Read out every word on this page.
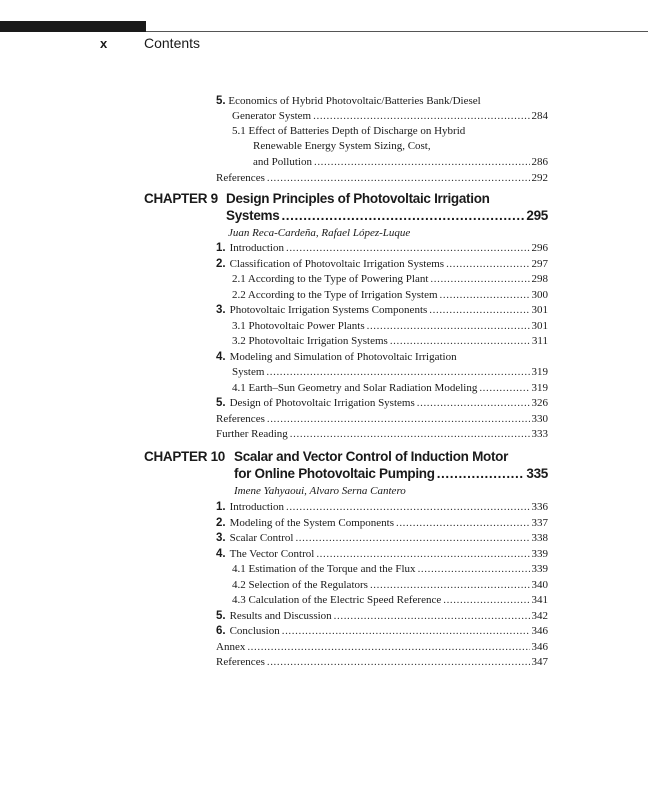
x	Contents
5. Economics of Hybrid Photovoltaic/Batteries Bank/Diesel
Generator System .....	284
5.1 Effect of Batteries Depth of Discharge on Hybrid
Renewable Energy System Sizing, Cost,
and Pollution .....	286
References .....	292
CHAPTER 9 Design Principles of Photovoltaic Irrigation
Systems .....	295
Juan Reca-Cardeña, Rafael López-Luque
1. Introduction .....	296
2. Classification of Photovoltaic Irrigation Systems .....	297
2.1 According to the Type of Powering Plant .....	298
2.2 According to the Type of Irrigation System .....	300
3. Photovoltaic Irrigation Systems Components .....	301
3.1 Photovoltaic Power Plants .....	301
3.2 Photovoltaic Irrigation Systems .....	311
4. Modeling and Simulation of Photovoltaic Irrigation
System .....	319
4.1 Earth–Sun Geometry and Solar Radiation Modeling .....	319
5. Design of Photovoltaic Irrigation Systems .....	326
References .....	330
Further Reading .....	333
CHAPTER 10 Scalar and Vector Control of Induction Motor
for Online Photovoltaic Pumping .....	335
Imene Yahyaoui, Alvaro Serna Cantero
1. Introduction .....	336
2. Modeling of the System Components .....	337
3. Scalar Control .....	338
4. The Vector Control .....	339
4.1 Estimation of the Torque and the Flux .....	339
4.2 Selection of the Regulators .....	340
4.3 Calculation of the Electric Speed Reference .....	341
5. Results and Discussion .....	342
6. Conclusion .....	346
Annex .....	346
References .....	347
